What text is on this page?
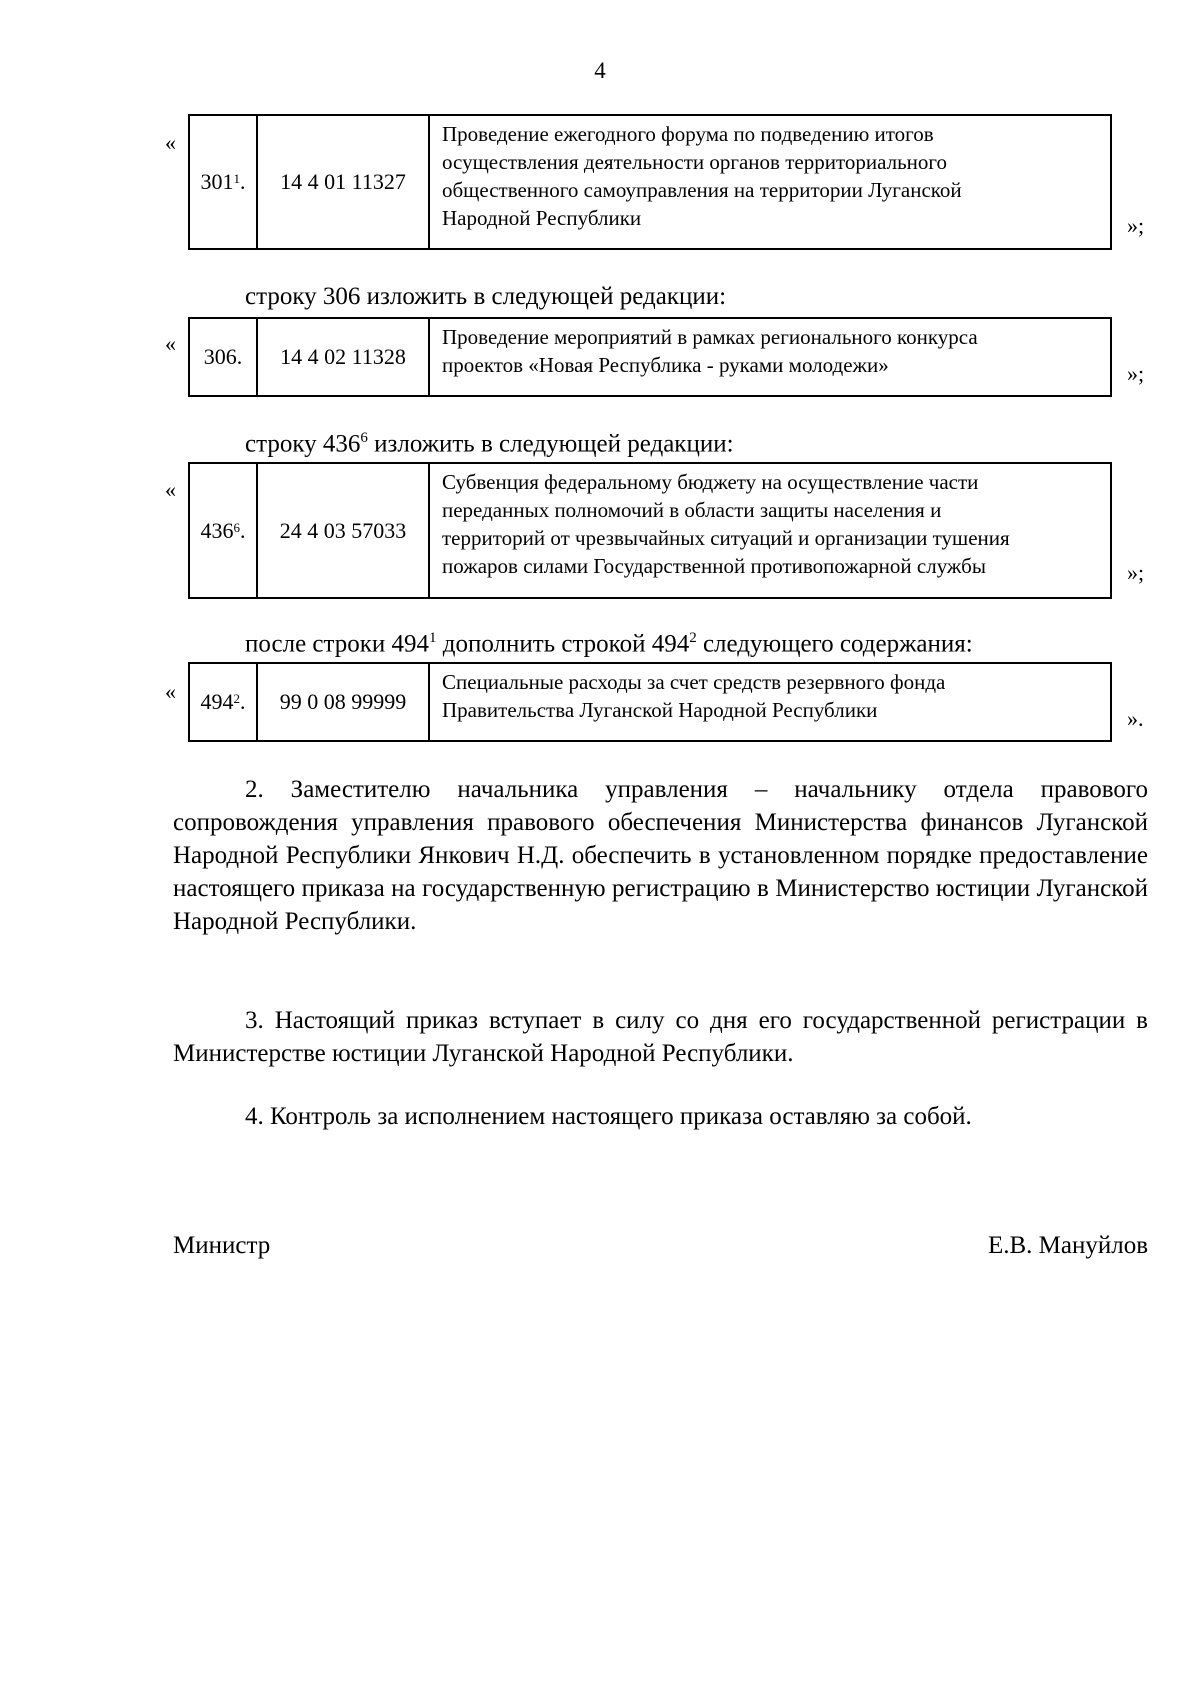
4
«
$301^1$ .	14 4 01 11327
Проведение ежегодного форума по подведению итогов
осуществления деятельности органов территориального
общественного самоуправления на территории Луганской
Народной Республики	»;
строку 306 изложить в следующей редакции:
«
306.	14 4 02 11328
Проведение мероприятий в рамках регионального конкурса
проектов «Новая Республика - руками молодежи»	»;
строку $436^6$ изложить в следующей редакции:
«
$436^6$ .	24 4 03 57033
Субвенция федеральному бюджету на осуществление части
переданных полномочий в области защиты населения и
территорий от чрезвычайных ситуаций и организации тушения
пожаров силами Государственной противопожарной службы	»;
после строки $494^1$ дополнить строкой $494^2$ следующего содержания:
« $494^2$ .	99 0 08 99999
Специальные расходы за счет средств резервного фонда
Правительства Луганской Народной Республики	».
2. Заместителю начальника управления – начальнику отдела правового сопровождения управления правового обеспечения Министерства финансов Луганской Народной Республики Янкович Н.Д. обеспечить в установленном порядке предоставление настоящего приказа на государственную регистрацию в Министерство юстиции Луганской Народной Республики.
3. Настоящий приказ вступает в силу со дня его государственной регистрации в Министерстве юстиции Луганской Народной Республики.
4. Контроль за исполнением настоящего приказа оставляю за собой.
Министр	Е.В. Мануйлов
